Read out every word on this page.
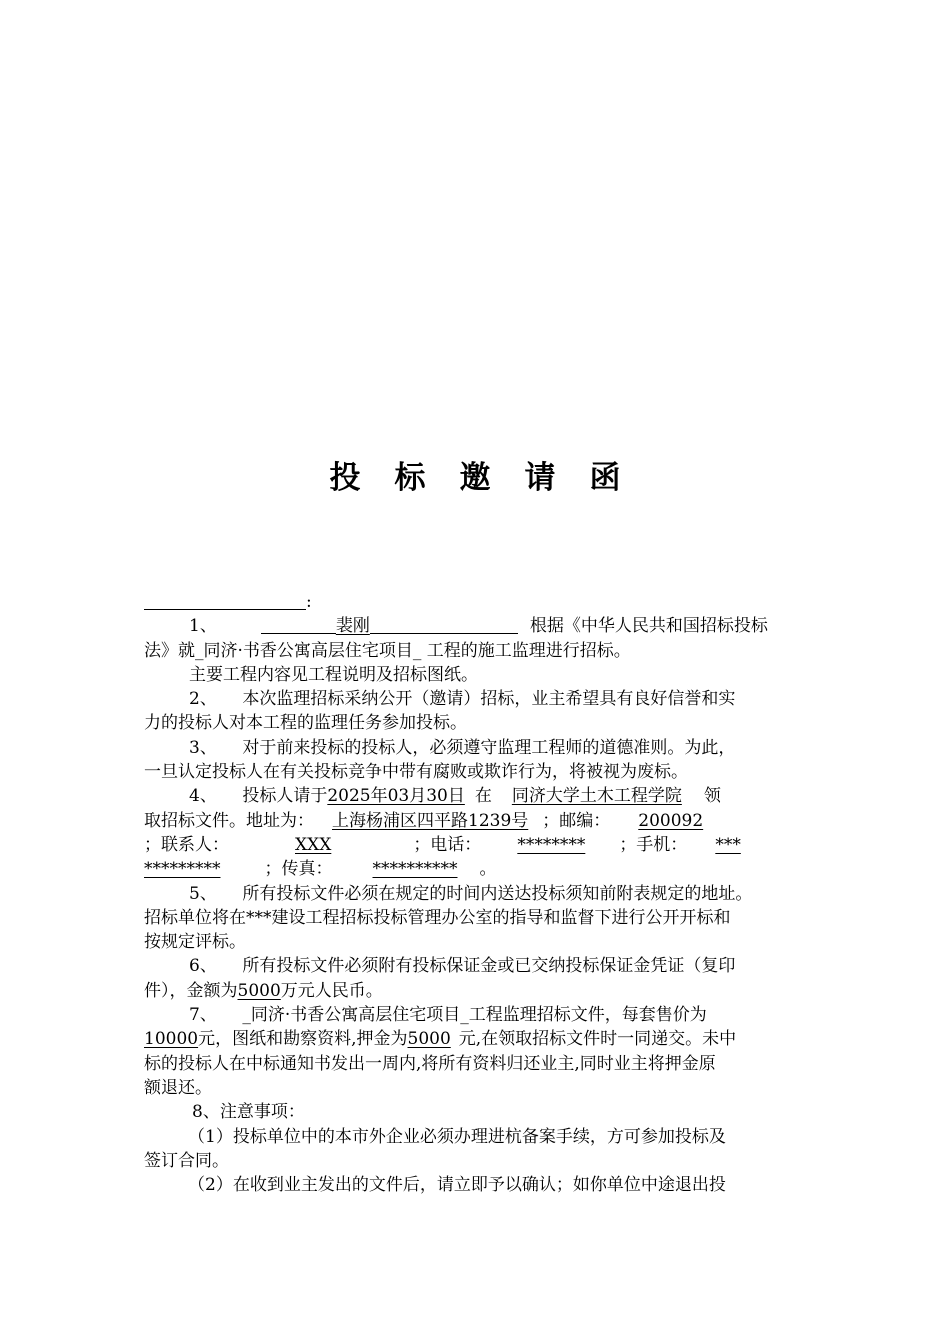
投 标 邀 请 函
:
1、	裴刚	根据《中华人民共和国招标投标
法》就_同济·书香公寓高层住宅项目_ 工程的施工监理进行招标。
主要工程内容见工程说明及招标图纸。
2、　　本次监理招标采纳公开（邀请）招标，业主希望具有良好信誉和实
力的投标人对本工程的监理任务参加投标。
3、　　对于前来投标的投标人，必须遵守监理工程师的道德准则。为此，
一旦认定投标人在有关投标竞争中带有腐败或欺诈行为，将被视为废标。
4、　　投标人请于2025年03月30日 在 同济大学土木工程学院 领
取招标文件。地址为： 上海杨浦区四平路1239号 ；邮编： 200092
；联系人：	XXX	；电话： ******** ；手机： ***
*********	；传真： ********** 。
5、　　所有投标文件必须在规定的时间内送达投标须知前附表规定的地址。
招标单位将在***建设工程招标投标管理办公室的指导和监督下进行公开开标和
按规定评标。
6、　　所有投标文件必须附有投标保证金或已交纳投标保证金凭证（复印
件），金额为5000万元人民币。
7、　　_同济·书香公寓高层住宅项目_工程监理招标文件，每套售价为
10000元，图纸和勘察资料,押金为5000 元,在领取招标文件时一同递交。未中
标的投标人在中标通知书发出一周内,将所有资料归还业主,同时业主将押金原
额退还。
8、注意事项：
（1）投标单位中的本市外企业必须办理进杭备案手续，方可参加投标及
签订合同。
（2）在收到业主发出的文件后，请立即予以确认；如你单位中途退出投
